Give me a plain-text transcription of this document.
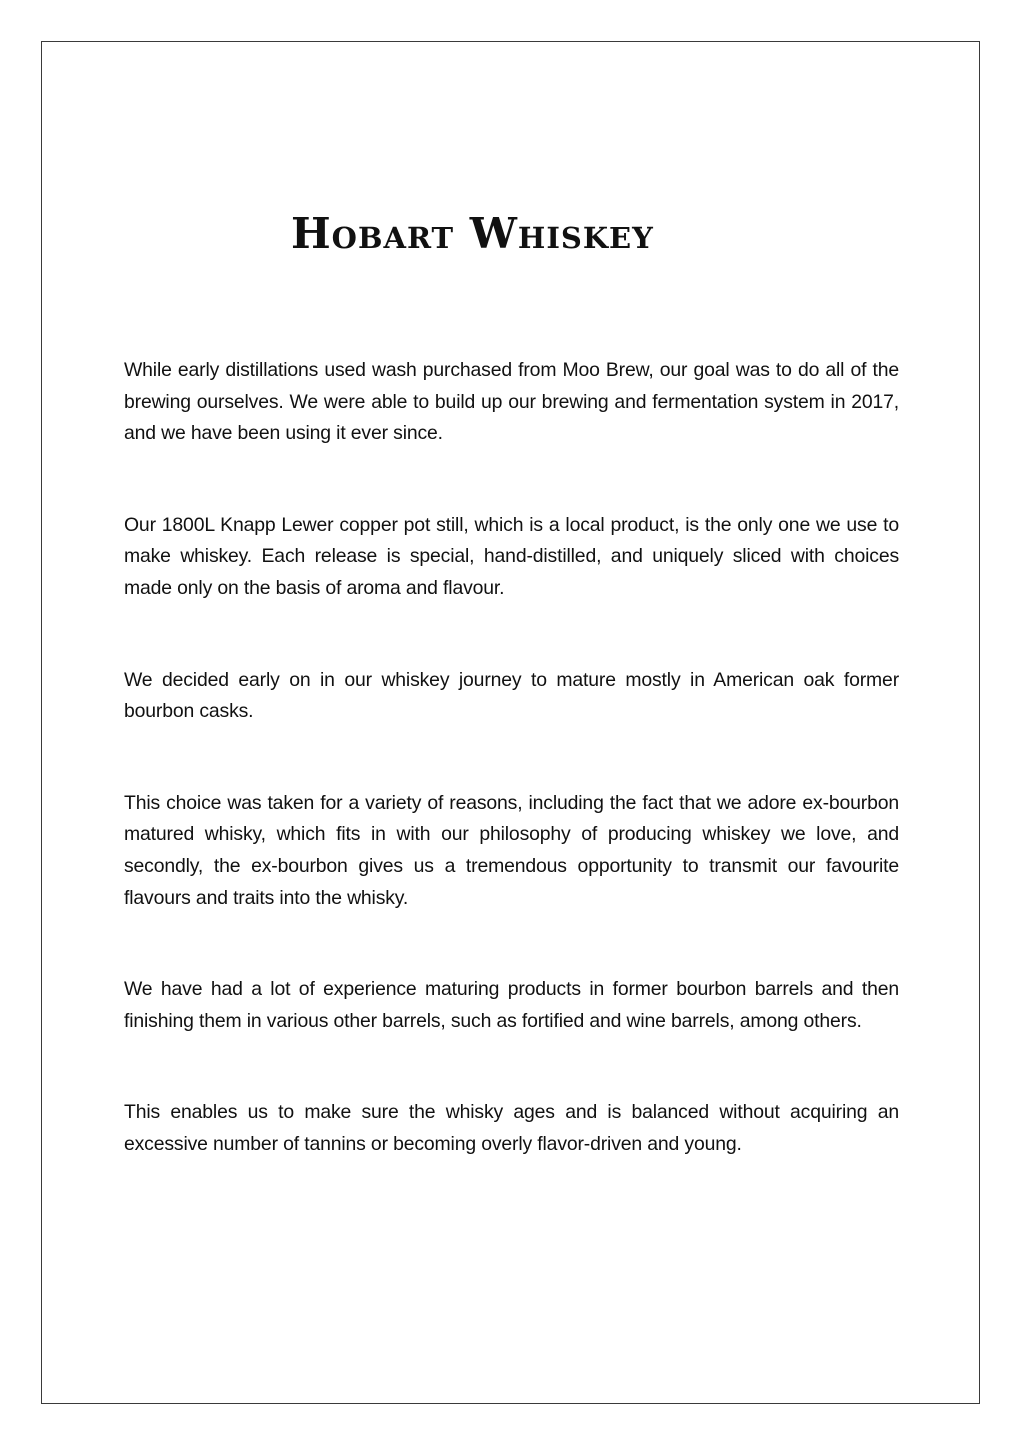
Hobart Whiskey

While early distillations used wash purchased from Moo Brew, our goal was to do all of the brewing ourselves. We were able to build up our brewing and fermentation system in 2017, and we have been using it ever since.

Our 1800L Knapp Lewer copper pot still, which is a local product, is the only one we use to make whiskey. Each release is special, hand-distilled, and uniquely sliced with choices made only on the basis of aroma and flavour.

We decided early on in our whiskey journey to mature mostly in American oak former bourbon casks.

This choice was taken for a variety of reasons, including the fact that we adore ex-bourbon matured whisky, which fits in with our philosophy of producing whiskey we love, and secondly, the ex-bourbon gives us a tremendous opportunity to transmit our favourite flavours and traits into the whisky.

We have had a lot of experience maturing products in former bourbon barrels and then finishing them in various other barrels, such as fortified and wine barrels, among others.

This enables us to make sure the whisky ages and is balanced without acquiring an excessive number of tannins or becoming overly flavor-driven and young.
